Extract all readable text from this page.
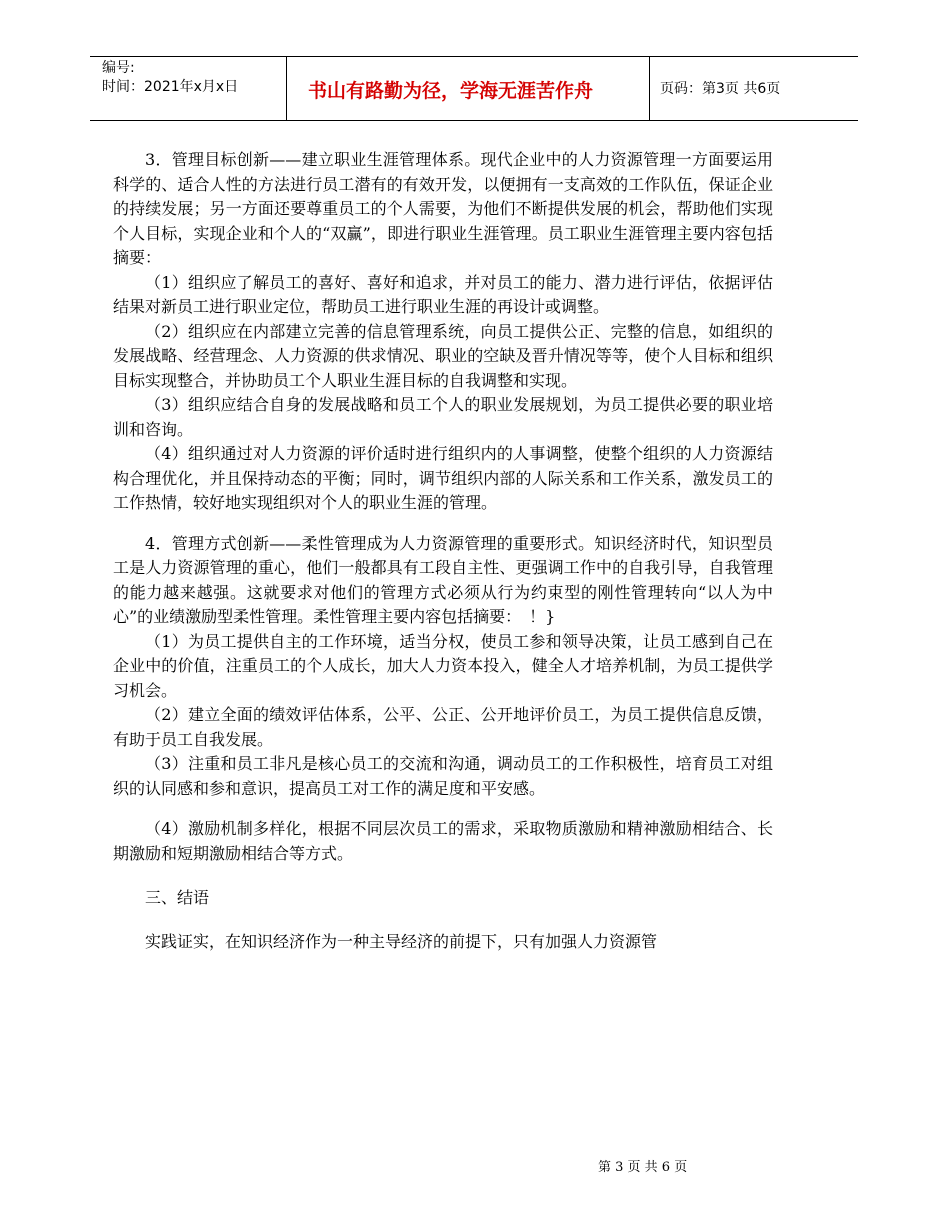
编号:
时间：2021年x月x日	书山有路勤为径，学海无涯苦作舟	页码：第3页 共6页

3．管理目标创新——建立职业生涯管理体系。现代企业中的人力资源管理一方面要运用科学的、适合人性的方法进行员工潜有的有效开发，以便拥有一支高效的工作队伍，保证企业的持续发展；另一方面还要尊重员工的个人需要，为他们不断提供发展的机会，帮助他们实现个人目标，实现企业和个人的“双赢”，即进行职业生涯管理。员工职业生涯管理主要内容包括摘要：

（1）组织应了解员工的喜好、喜好和追求，并对员工的能力、潜力进行评估，依据评估结果对新员工进行职业定位，帮助员工进行职业生涯的再设计或调整。

（2）组织应在内部建立完善的信息管理系统，向员工提供公正、完整的信息，如组织的发展战略、经营理念、人力资源的供求情况、职业的空缺及晋升情况等等，使个人目标和组织目标实现整合，并协助员工个人职业生涯目标的自我调整和实现。

（3）组织应结合自身的发展战略和员工个人的职业发展规划，为员工提供必要的职业培训和咨询。

（4）组织通过对人力资源的评价适时进行组织内的人事调整，使整个组织的人力资源结构合理优化，并且保持动态的平衡；同时，调节组织内部的人际关系和工作关系，激发员工的工作热情，较好地实现组织对个人的职业生涯的管理。

4．管理方式创新——柔性管理成为人力资源管理的重要形式。知识经济时代，知识型员工是人力资源管理的重心，他们一般都具有工段自主性、更强调工作中的自我引导，自我管理的能力越来越强。这就要求对他们的管理方式必须从行为约束型的刚性管理转向“以人为中心”的业绩激励型柔性管理。柔性管理主要内容包括摘要：　！}

（1）为员工提供自主的工作环境，适当分权，使员工参和领导决策，让员工感到自己在企业中的价值，注重员工的个人成长，加大人力资本投入，健全人才培养机制，为员工提供学习机会。

（2）建立全面的绩效评估体系，公平、公正、公开地评价员工，为员工提供信息反馈，有助于员工自我发展。

（3）注重和员工非凡是核心员工的交流和沟通，调动员工的工作积极性，培育员工对组织的认同感和参和意识，提高员工对工作的满足度和平安感。

（4）激励机制多样化，根据不同层次员工的需求，采取物质激励和精神激励相结合、长期激励和短期激励相结合等方式。

三、结语

实践证实，在知识经济作为一种主导经济的前提下，只有加强人力资源管

第 3 页 共 6 页
